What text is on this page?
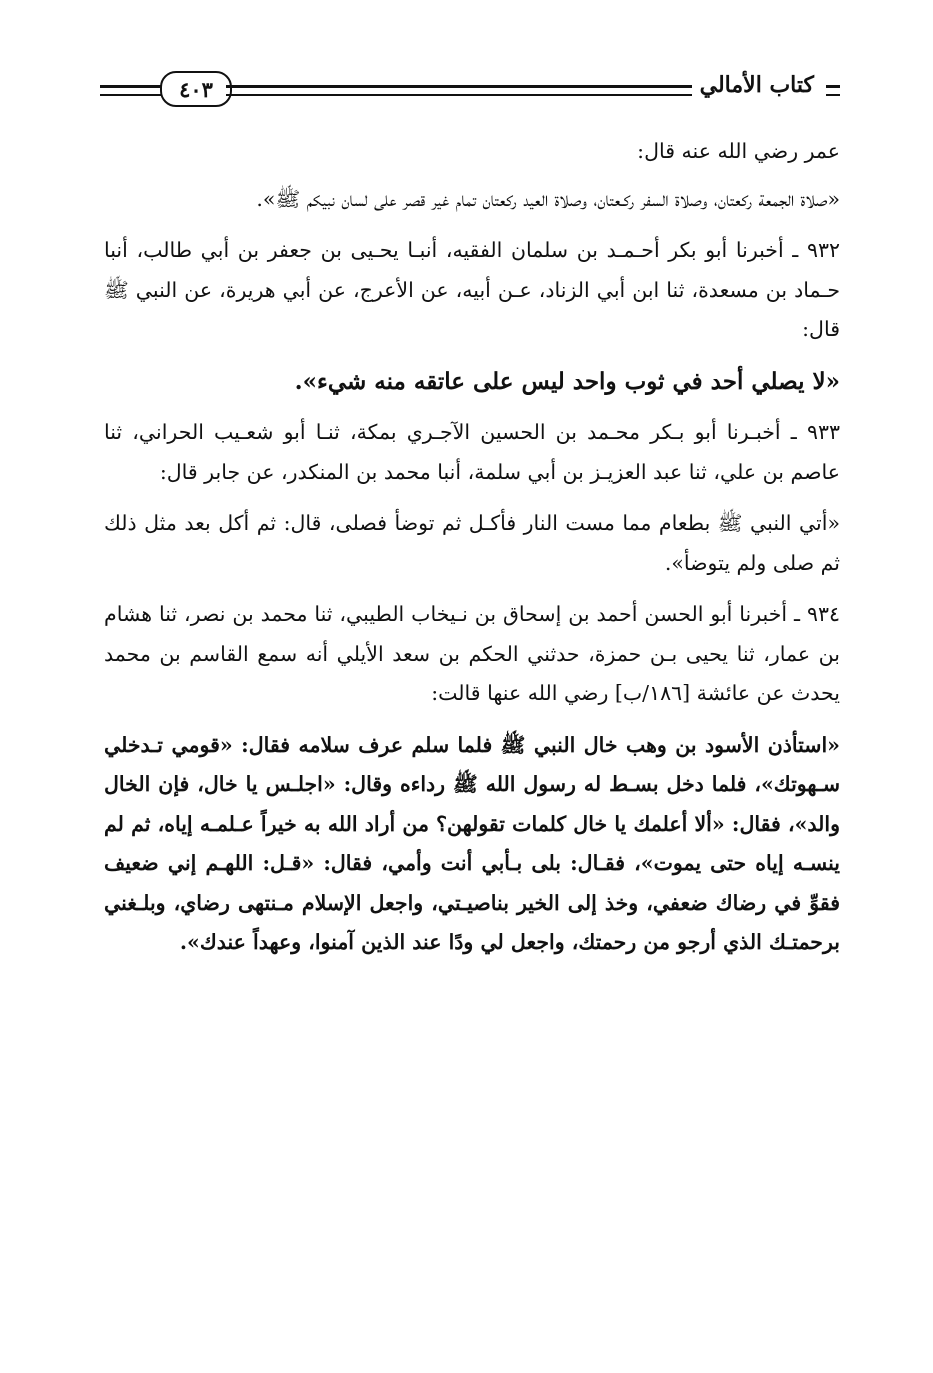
٤٠٣	كتاب الأمالي

عمر رضي الله عنه قال:

«صلاة الجمعة ركعتان، وصلاة السفر ركـعتان، وصلاة العيد ركعتان تمام غير قصر على لسان نبيكم ﷺ».

٩٣٢ ـ أخبرنا أبو بكر أحـمـد بن سلمان الفقيه، أنبـا يحـيى بن جعفر بن أبي طالب، أنبا حـماد بن مسعدة، ثنا ابن أبي الزناد، عـن أبيه، عن الأعرج، عن أبي هريرة، عن النبي ﷺ قال:

«لا يصلي أحد في ثوب واحد ليس على عاتقه منه شيء».

٩٣٣ ـ أخبـرنا أبو بـكر محـمد بن الحسين الآجـري بمكة، ثنـا أبو شعـيب الحراني، ثنا عاصم بن علي، ثنا عبد العزيـز بن أبي سلمة، أنبا محمد بن المنكدر، عن جابر قال:

«أتي النبي ﷺ بطعام مما مست النار فأكـل ثم توضأ فصلى، قال: ثم أكل بعد مثل ذلك ثم صلى ولم يتوضأ».

٩٣٤ ـ أخبرنا أبو الحسن أحمد بن إسحاق بن نـيخاب الطيبي، ثنا محمد بن نصر، ثنا هشام بن عمار، ثنا يحيى بـن حمزة، حدثني الحكم بن سعد الأيلي أنه سمع القاسم بن محمد يحدث عن عائشة [١٨٦/ب] رضي الله عنها قالت:

«استأذن الأسود بن وهب خال النبي ﷺ فلما سلم عرف سلامه فقال: «قومي تـدخلي سـهوتك»، فلما دخل بسـط له رسول الله ﷺ رداءه وقال: «اجلـس يا خال، فإن الخال والد»، فقال: «ألا أعلمك يا خال كلمات تقولهن؟ من أراد الله به خيراً عـلمـه إياه، ثم لم ينسـه إياه حتى يموت»، فقـال: بلى بـأبي أنت وأمي، فقال: «قـل: اللهـم إني ضعيف فقوِّ في رضاك ضعفي، وخذ إلى الخير بناصيـتي، واجعل الإسلام مـنتهى رضاي، وبلـغني برحمتـك الذي أرجو من رحمتك، واجعل لي ودًا عند الذين آمنوا، وعهداً عندك».
